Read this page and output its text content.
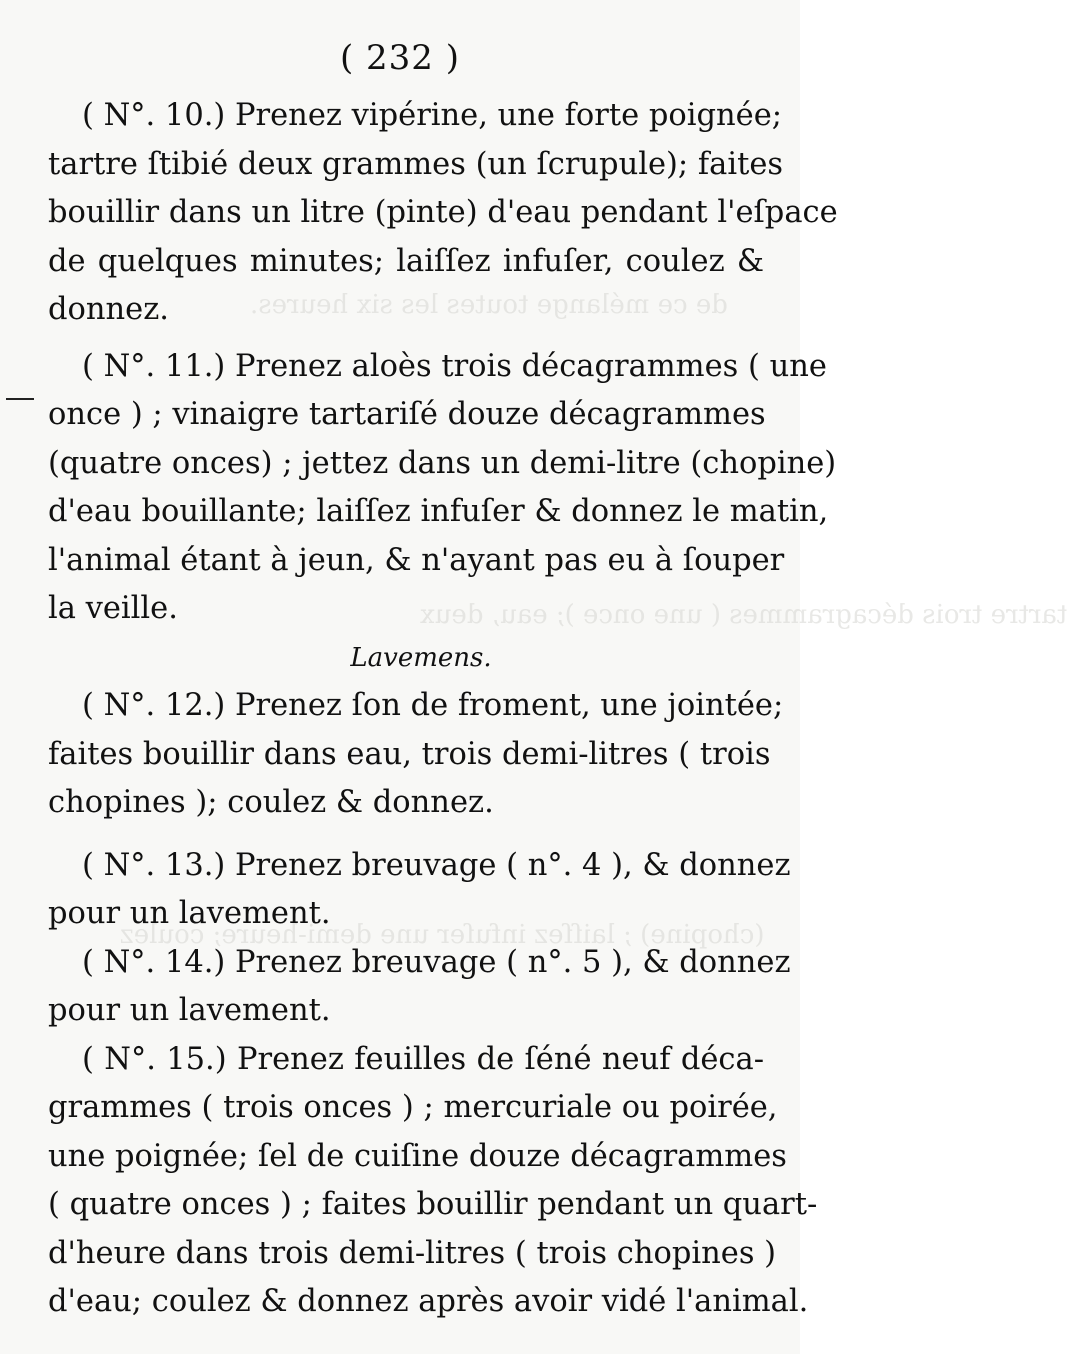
de ce mélange toutes les six heures.
tartre trois décagrammes ( une once ); eau, deux
(chopine) ; laiſſez infuſer une demi-heure; coulez
( 232 )
( N°. 10.) Prenez vipérine, une forte poignée;
tartre ſtibié deux grammes (un ſcrupule); faites
bouillir dans un litre (pinte) d'eau pendant l'eſpace
de quelques minutes; laiſſez infuſer, coulez &
donnez.
( N°. 11.) Prenez aloès trois décagrammes ( une
once ) ; vinaigre tartariſé douze décagrammes
(quatre onces) ; jettez dans un demi-litre (chopine)
d'eau bouillante; laiſſez infuſer & donnez le matin,
l'animal étant à jeun, & n'ayant pas eu à ſouper
la veille.
Lavemens.
( N°. 12.) Prenez ſon de froment, une jointée;
faites bouillir dans eau, trois demi-litres ( trois
chopines ); coulez & donnez.
( N°. 13.) Prenez breuvage ( n°. 4 ), & donnez
pour un lavement.
( N°. 14.) Prenez breuvage ( n°. 5 ), & donnez
pour un lavement.
( N°. 15.) Prenez feuilles de ſéné neuf déca-
grammes ( trois onces ) ; mercuriale ou poirée,
une poignée; ſel de cuiſine douze décagrammes
( quatre onces ) ; faites bouillir pendant un quart-
d'heure dans trois demi-litres ( trois chopines )
d'eau; coulez & donnez après avoir vidé l'animal.
